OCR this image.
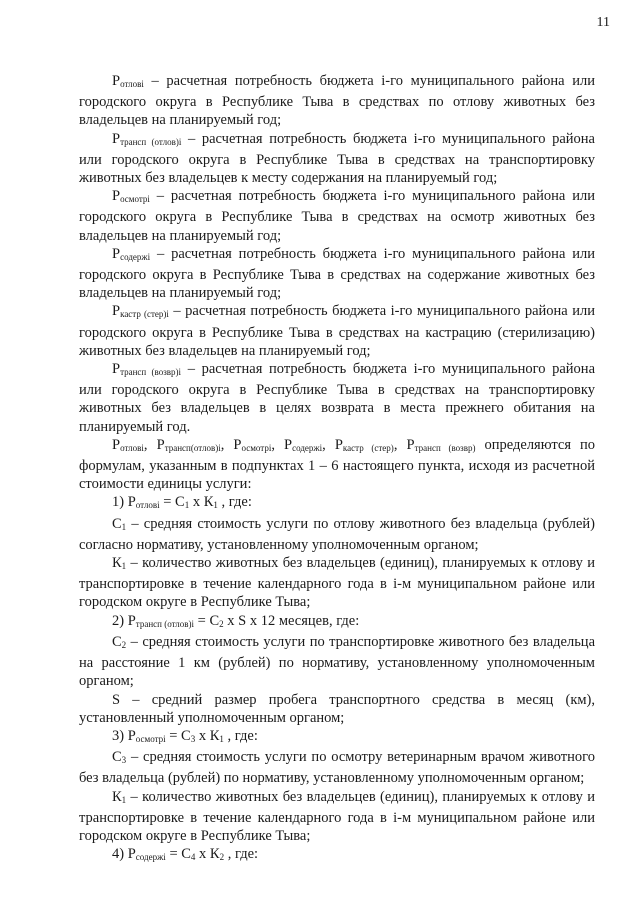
11

Ротловi – расчетная потребность бюджета i-го муниципального района или городского округа в Республике Тыва в средствах по отлову животных без владельцев на планируемый год;

Ртрансп (отлов)i – расчетная потребность бюджета i-го муниципального района или городского округа в Республике Тыва в средствах на транспортировку животных без владельцев к месту содержания на планируемый год;

Росмотрi – расчетная потребность бюджета i-го муниципального района или городского округа в Республике Тыва в средствах на осмотр животных без владельцев на планируемый год;

Рсодержi – расчетная потребность бюджета i-го муниципального района или городского округа в Республике Тыва в средствах на содержание животных без владельцев на планируемый год;

Ркастр (стер)i – расчетная потребность бюджета i-го муниципального района или городского округа в Республике Тыва в средствах на кастрацию (стерилизацию) животных без владельцев на планируемый год;

Ртрансп (возвр)i – расчетная потребность бюджета i-го муниципального района или городского округа в Республике Тыва в средствах на транспортировку животных без владельцев в целях возврата в места прежнего обитания на планируемый год.

Ротловi, Ртрансп(отлов)i, Росмотрi, Рсодержi, Ркастр (стер), Ртрансп (возвр) определяются по формулам, указанным в подпунктах 1 – 6 настоящего пункта, исходя из расчетной стоимости единицы услуги:

1) Ротловi = С1 х К1 , где:

С1 – средняя стоимость услуги по отлову животного без владельца (рублей) согласно нормативу, установленному уполномоченным органом;

К1 – количество животных без владельцев (единиц), планируемых к отлову и транспортировке в течение календарного года в i-м муниципальном районе или городском округе в Республике Тыва;

2) Ртрансп (отлов)i = С2 х S х 12 месяцев, где:

С2 – средняя стоимость услуги по транспортировке животного без владельца на расстояние 1 км (рублей) по нормативу, установленному уполномоченным органом;

S – средний размер пробега транспортного средства в месяц (км), установленный уполномоченным органом;

3) Росмотрi = С3 х К1 , где:

С3 – средняя стоимость услуги по осмотру ветеринарным врачом животного без владельца (рублей) по нормативу, установленному уполномоченным органом;

К1 – количество животных без владельцев (единиц), планируемых к отлову и транспортировке в течение календарного года в i-м муниципальном районе или городском округе в Республике Тыва;

4) Рсодержi = С4 х К2 , где:
